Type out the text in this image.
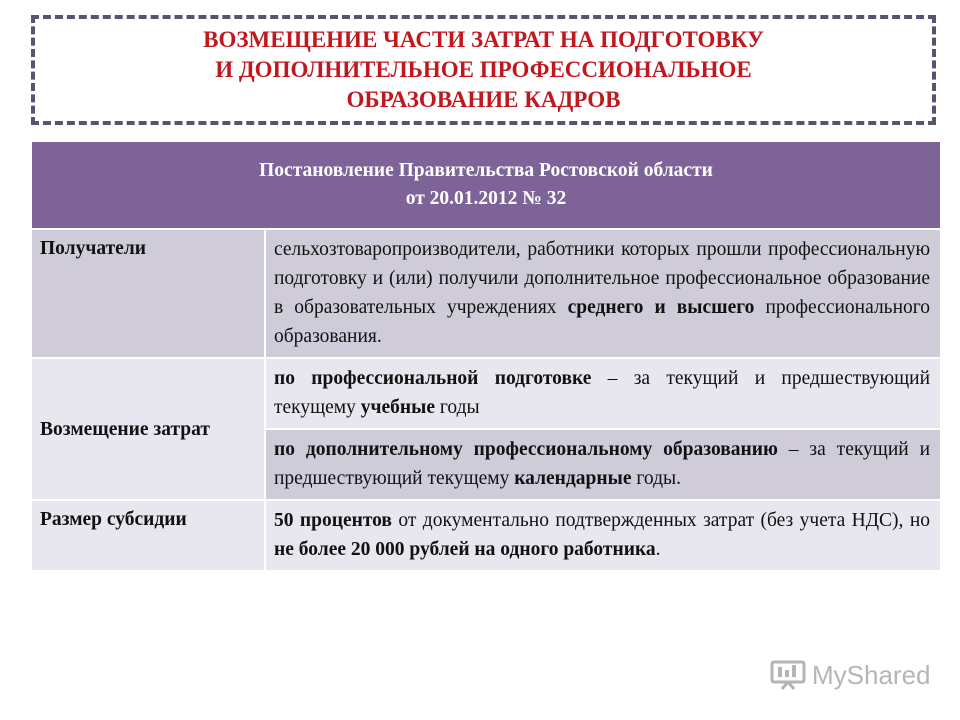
ВОЗМЕЩЕНИЕ ЧАСТИ ЗАТРАТ НА ПОДГОТОВКУ
И ДОПОЛНИТЕЛЬНОЕ ПРОФЕССИОНАЛЬНОЕ
ОБРАЗОВАНИЕ КАДРОВ
Постановление Правительства Ростовской области
от 20.01.2012 № 32	

Получатели	сельхозтоваропроизводители, работники которых прошли профессиональную подготовку и (или) получили дополнительное профессиональное образование в образовательных учреждениях среднего и высшего профессионального образования.
Возмещение затрат	по профессиональной подготовке – за текущий и предшествующий текущему учебные годы
	по дополнительному профессиональному образованию – за текущий и предшествующий текущему календарные годы.
Размер субсидии	50 процентов от документально подтвержденных затрат (без учета НДС), но не более 20 000 рублей на одного работника.
MyShared
